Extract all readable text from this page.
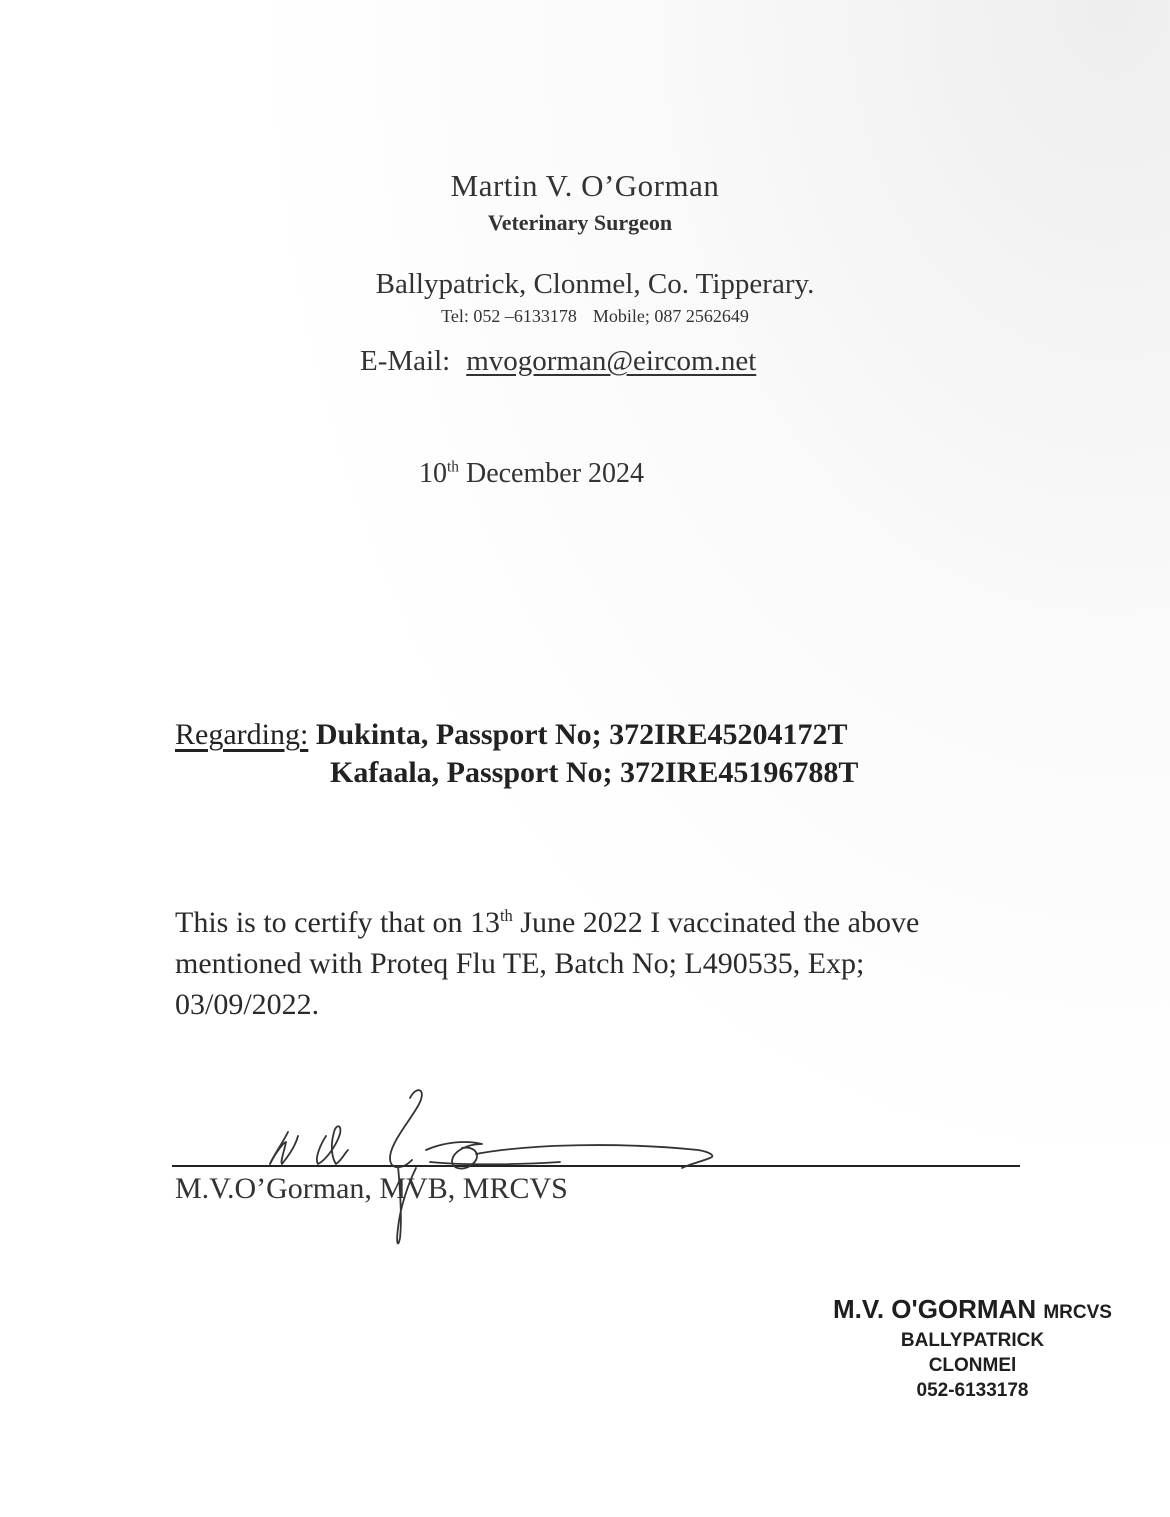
Martin V. O’Gorman
Veterinary Surgeon
Ballypatrick, Clonmel, Co. Tipperary.
Tel: 052 –6133178 Mobile; 087 2562649
E-Mail: mvogorman@eircom.net
10th December 2024
Regarding: Dukinta, Passport No; 372IRE45204172T
Kafaala, Passport No; 372IRE45196788T
This is to certify that on 13th June 2022 I vaccinated the above mentioned with Proteq Flu TE, Batch No; L490535, Exp; 03/09/2022.
M.V.O’Gorman, MVB, MRCVS
M.V. O'GORMAN MRCVS
BALLYPATRICK
CLONMEl
052-6133178
